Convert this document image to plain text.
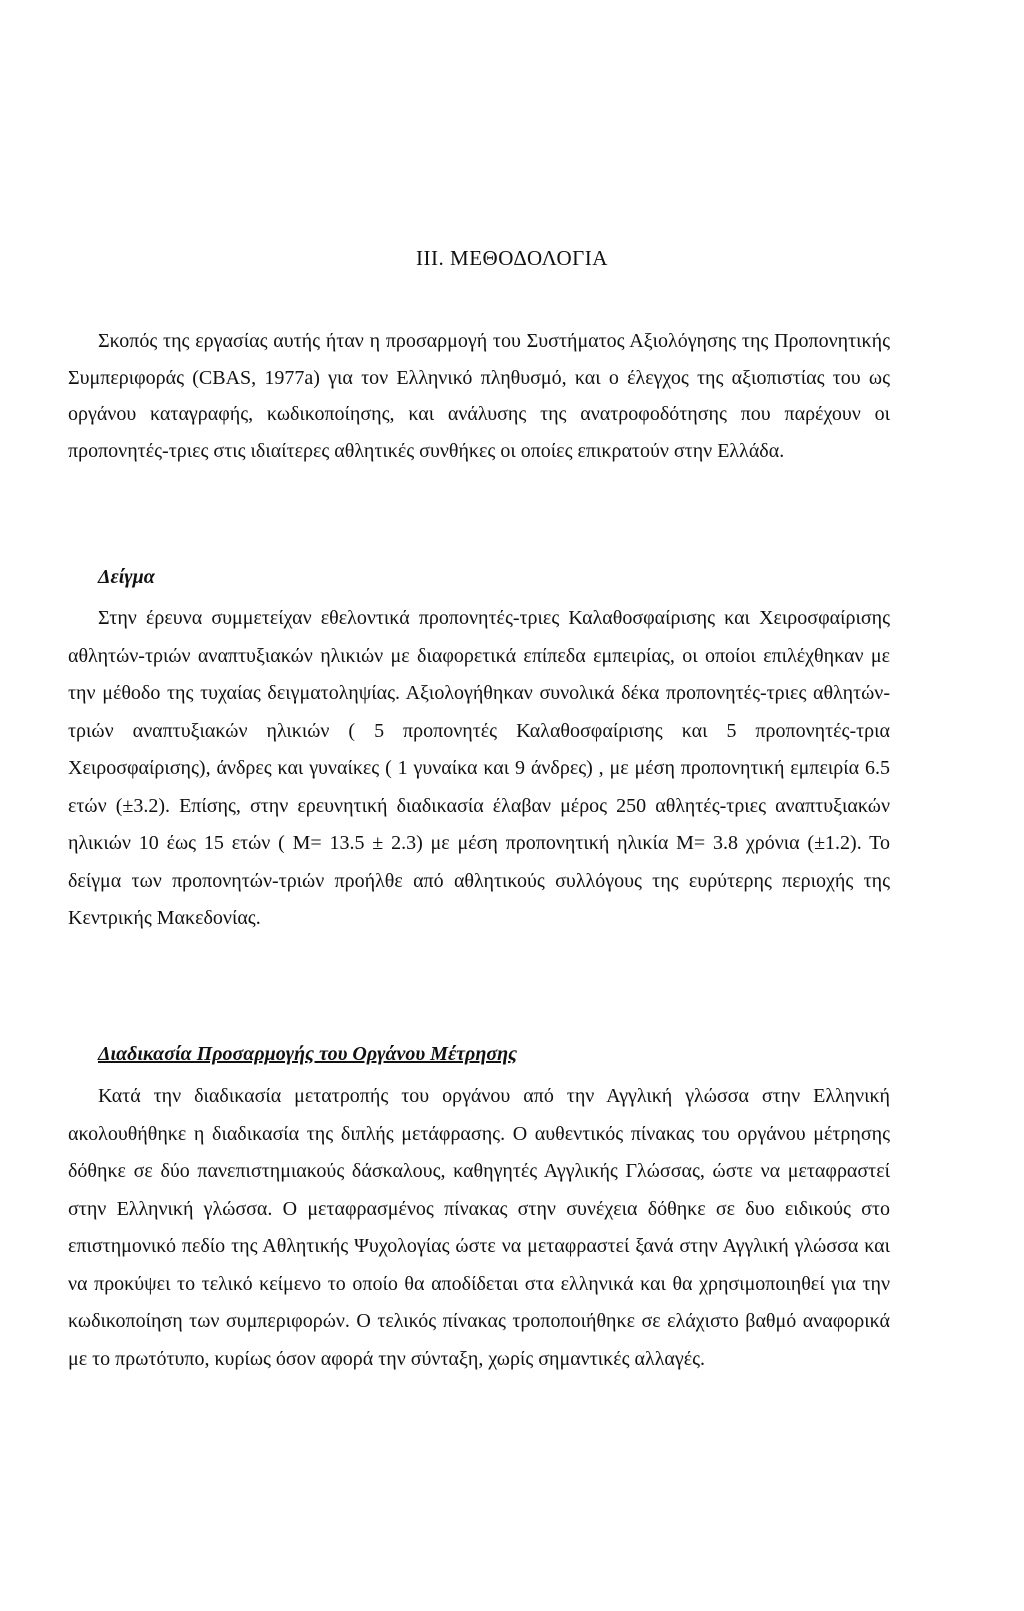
III. ΜΕΘΟΔΟΛΟΓΙΑ

Σκοπός της εργασίας αυτής ήταν η προσαρμογή του Συστήματος Αξιολόγησης της Προπονητικής Συμπεριφοράς (CBAS, 1977a) για τον Ελληνικό πληθυσμό, και ο έλεγχος της αξιοπιστίας του ως οργάνου καταγραφής, κωδικοποίησης, και ανάλυσης της ανατροφοδότησης που παρέχουν οι προπονητές-τριες στις ιδιαίτερες αθλητικές συνθήκες οι οποίες επικρατούν στην Ελλάδα.

Δείγμα

Στην έρευνα συμμετείχαν εθελοντικά προπονητές-τριες Καλαθοσφαίρισης και Χειροσφαίρισης αθλητών-τριών αναπτυξιακών ηλικιών με διαφορετικά επίπεδα εμπειρίας, οι οποίοι επιλέχθηκαν με την μέθοδο της τυχαίας δειγματοληψίας. Αξιολογήθηκαν συνολικά δέκα προπονητές-τριες αθλητών-τριών αναπτυξιακών ηλικιών ( 5 προπονητές Καλαθοσφαίρισης και 5 προπονητές-τρια Χειροσφαίρισης), άνδρες και γυναίκες ( 1 γυναίκα και 9 άνδρες) , με μέση προπονητική εμπειρία 6.5 ετών (±3.2). Επίσης, στην ερευνητική διαδικασία έλαβαν μέρος 250 αθλητές-τριες αναπτυξιακών ηλικιών 10 έως 15 ετών ( Μ= 13.5 ± 2.3) με μέση προπονητική ηλικία Μ= 3.8 χρόνια (±1.2). Το δείγμα των προπονητών-τριών προήλθε από αθλητικούς συλλόγους της ευρύτερης περιοχής της Κεντρικής Μακεδονίας.

Διαδικασία Προσαρμογής του Οργάνου Μέτρησης

Κατά την διαδικασία μετατροπής του οργάνου από την Αγγλική γλώσσα στην Ελληνική ακολουθήθηκε η διαδικασία της διπλής μετάφρασης. Ο αυθεντικός πίνακας του οργάνου μέτρησης δόθηκε σε δύο πανεπιστημιακούς δάσκαλους, καθηγητές Αγγλικής Γλώσσας, ώστε να μεταφραστεί στην Ελληνική γλώσσα. Ο μεταφρασμένος πίνακας στην συνέχεια δόθηκε σε δυο ειδικούς στο επιστημονικό πεδίο της Αθλητικής Ψυχολογίας ώστε να μεταφραστεί ξανά στην Αγγλική γλώσσα και να προκύψει το τελικό κείμενο το οποίο θα αποδίδεται στα ελληνικά και θα χρησιμοποιηθεί για την κωδικοποίηση των συμπεριφορών. Ο τελικός πίνακας τροποποιήθηκε σε ελάχιστο βαθμό αναφορικά με το πρωτότυπο, κυρίως όσον αφορά την σύνταξη, χωρίς σημαντικές αλλαγές.
